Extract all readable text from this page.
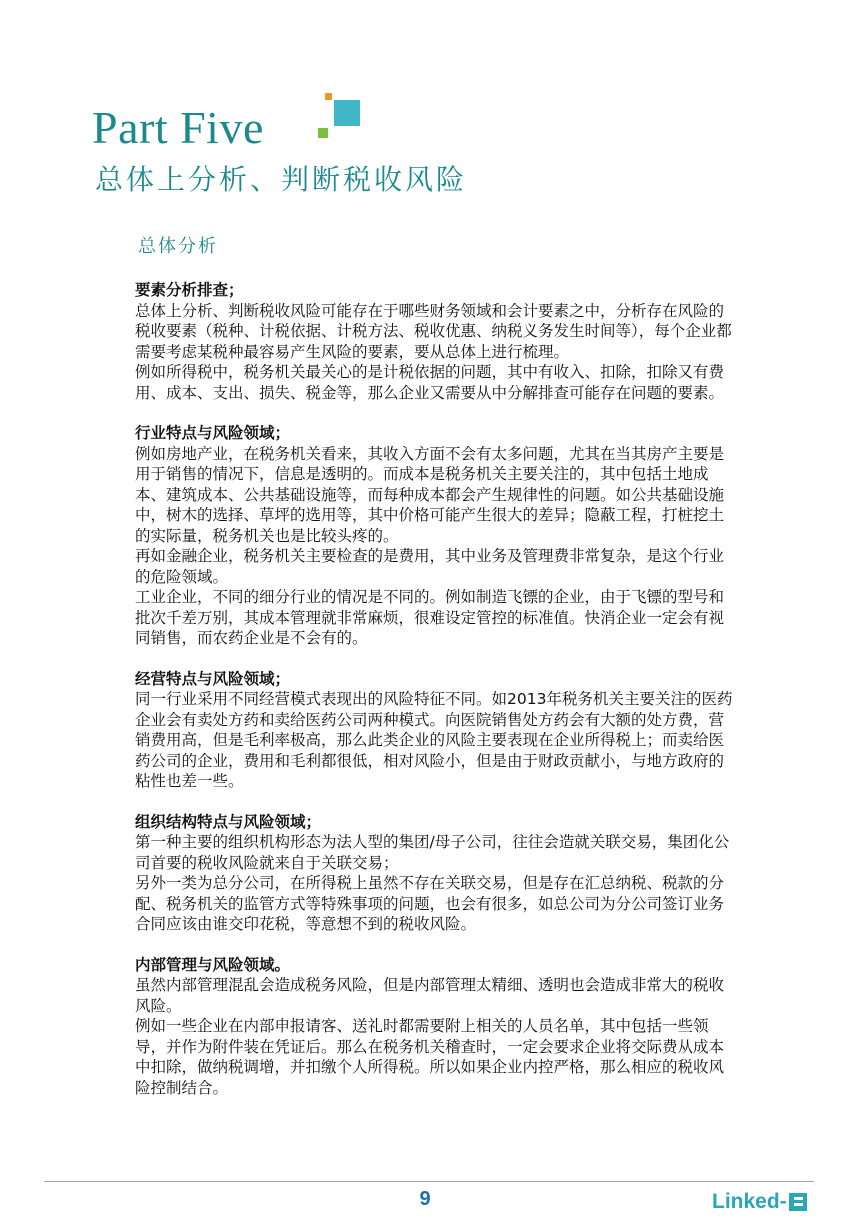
Part Five
总体上分析、判断税收风险
总体分析
要素分析排查；

总体上分析、判断税收风险可能存在于哪些财务领域和会计要素之中，分析存在风险的税收要素（税种、计税依据、计税方法、税收优惠、纳税义务发生时间等），每个企业都需要考虑某税种最容易产生风险的要素，要从总体上进行梳理。

例如所得税中，税务机关最关心的是计税依据的问题，其中有收入、扣除，扣除又有费用、成本、支出、损失、税金等，那么企业又需要从中分解排查可能存在问题的要素。

行业特点与风险领域；

例如房地产业，在税务机关看来，其收入方面不会有太多问题，尤其在当其房产主要是用于销售的情况下，信息是透明的。而成本是税务机关主要关注的，其中包括土地成本、建筑成本、公共基础设施等，而每种成本都会产生规律性的问题。如公共基础设施中，树木的选择、草坪的选用等，其中价格可能产生很大的差异；隐蔽工程，打桩挖土的实际量，税务机关也是比较头疼的。

再如金融企业，税务机关主要检查的是费用，其中业务及管理费非常复杂，是这个行业的危险领域。

工业企业，不同的细分行业的情况是不同的。例如制造飞镖的企业，由于飞镖的型号和批次千差万别，其成本管理就非常麻烦，很难设定管控的标准值。快消企业一定会有视同销售，而农药企业是不会有的。

经营特点与风险领域；

同一行业采用不同经营模式表现出的风险特征不同。如2013年税务机关主要关注的医药企业会有卖处方药和卖给医药公司两种模式。向医院销售处方药会有大额的处方费，营销费用高，但是毛利率极高，那么此类企业的风险主要表现在企业所得税上；而卖给医药公司的企业，费用和毛利都很低，相对风险小，但是由于财政贡献小，与地方政府的粘性也差一些。

组织结构特点与风险领域；

第一种主要的组织机构形态为法人型的集团/母子公司，往往会造就关联交易，集团化公司首要的税收风险就来自于关联交易；

另外一类为总分公司，在所得税上虽然不存在关联交易，但是存在汇总纳税、税款的分配、税务机关的监管方式等特殊事项的问题，也会有很多，如总公司为分公司签订业务合同应该由谁交印花税，等意想不到的税收风险。

内部管理与风险领域。

虽然内部管理混乱会造成税务风险，但是内部管理太精细、透明也会造成非常大的税收风险。

例如一些企业在内部申报请客、送礼时都需要附上相关的人员名单，其中包括一些领导，并作为附件装在凭证后。那么在税务机关稽查时，一定会要求企业将交际费从成本中扣除，做纳税调增，并扣缴个人所得税。所以如果企业内控严格，那么相应的税收风险控制结合。

9	Linked-
